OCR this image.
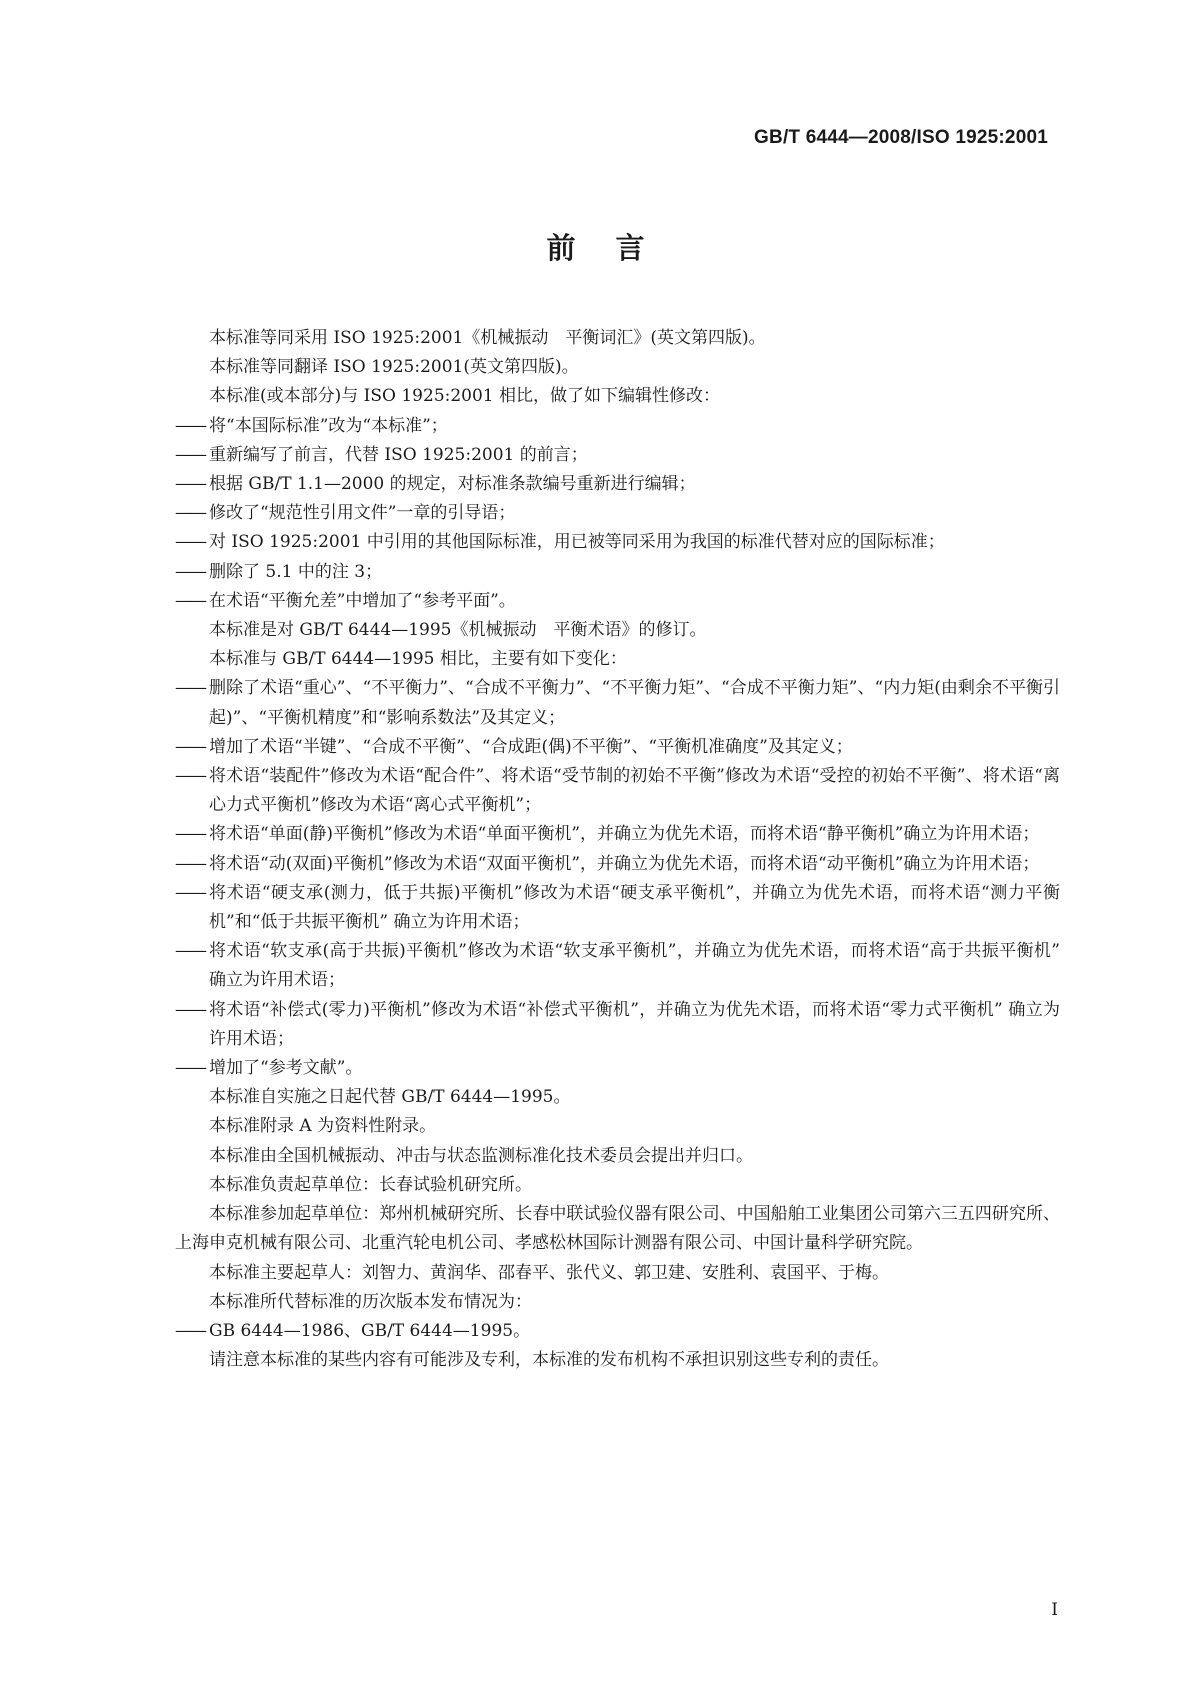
GB/T 6444—2008/ISO 1925:2001
前言
本标准等同采用 ISO 1925:2001《机械振动　平衡词汇》(英文第四版)。
本标准等同翻译 ISO 1925:2001(英文第四版)。
本标准(或本部分)与 ISO 1925:2001 相比，做了如下编辑性修改：
—— 将“本国际标准”改为“本标准”；
—— 重新编写了前言，代替 ISO 1925:2001 的前言；
—— 根据 GB/T 1.1—2000 的规定，对标准条款编号重新进行编辑；
—— 修改了“规范性引用文件”一章的引导语；
—— 对 ISO 1925:2001 中引用的其他国际标准，用已被等同采用为我国的标准代替对应的国际标准；
—— 删除了 5.1 中的注 3；
—— 在术语“平衡允差”中增加了“参考平面”。
本标准是对 GB/T 6444—1995《机械振动　平衡术语》的修订。
本标准与 GB/T 6444—1995 相比，主要有如下变化：
—— 删除了术语“重心”、“不平衡力”、“合成不平衡力”、“不平衡力矩”、“合成不平衡力矩”、“内力矩(由剩余不平衡引起)”、“平衡机精度”和“影响系数法”及其定义；
—— 增加了术语“半键”、“合成不平衡”、“合成距(偶)不平衡”、“平衡机准确度”及其定义；
—— 将术语“装配件”修改为术语“配合件”、将术语“受节制的初始不平衡”修改为术语“受控的初始不平衡”、将术语“离心力式平衡机”修改为术语“离心式平衡机”；
—— 将术语“单面(静)平衡机”修改为术语“单面平衡机”，并确立为优先术语，而将术语“静平衡机”确立为许用术语；
—— 将术语“动(双面)平衡机”修改为术语“双面平衡机”，并确立为优先术语，而将术语“动平衡机”确立为许用术语；
—— 将术语“硬支承(测力，低于共振)平衡机”修改为术语“硬支承平衡机”，并确立为优先术语，而将术语“测力平衡机”和“低于共振平衡机” 确立为许用术语；
—— 将术语“软支承(高于共振)平衡机”修改为术语“软支承平衡机”，并确立为优先术语，而将术语“高于共振平衡机” 确立为许用术语；
—— 将术语“补偿式(零力)平衡机”修改为术语“补偿式平衡机”，并确立为优先术语，而将术语“零力式平衡机” 确立为许用术语；
—— 增加了“参考文献”。
本标准自实施之日起代替 GB/T 6444—1995。
本标准附录 A 为资料性附录。
本标准由全国机械振动、冲击与状态监测标准化技术委员会提出并归口。
本标准负责起草单位：长春试验机研究所。
本标准参加起草单位：郑州机械研究所、长春中联试验仪器有限公司、中国船舶工业集团公司第六三五四研究所、上海申克机械有限公司、北重汽轮电机公司、孝感松林国际计测器有限公司、中国计量科学研究院。
本标准主要起草人：刘智力、黄润华、邵春平、张代义、郭卫建、安胜利、袁国平、于梅。
本标准所代替标准的历次版本发布情况为：
—— GB 6444—1986、GB/T 6444—1995。
请注意本标准的某些内容有可能涉及专利，本标准的发布机构不承担识别这些专利的责任。
I
